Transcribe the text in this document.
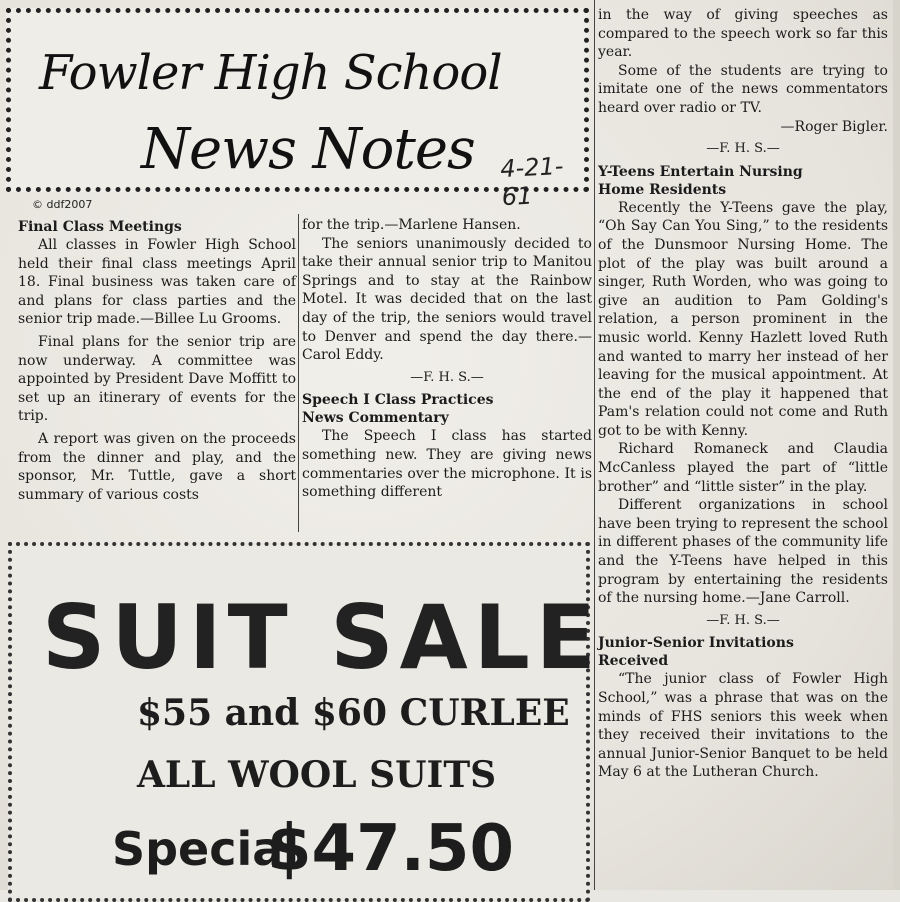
Fowler High School
News Notes 4-21-61
© ddf2007

Final Class Meetings

All classes in Fowler High School held their final class meetings April 18. Final business was taken care of and plans for class parties and the senior trip made.—Billee Lu Grooms.

Final plans for the senior trip are now underway. A committee was appointed by President Dave Moffitt to set up an itinerary of events for the trip.

A report was given on the proceeds from the dinner and play, and the sponsor, Mr. Tuttle, gave a short summary of various costs

for the trip.—Marlene Hansen.

The seniors unanimously decided to take their annual senior trip to Manitou Springs and to stay at the Rainbow Motel. It was decided that on the last day of the trip, the seniors would travel to Denver and spend the day there.—Carol Eddy.

—F. H. S.—

Speech I Class Practices

News Commentary

The Speech I class has started something new. They are giving news commentaries over the microphone. It is something different

in the way of giving speeches as compared to the speech work so far this year.

Some of the students are trying to imitate one of the news commentators heard over radio or TV.

—Roger Bigler.

—F. H. S.—

Y-Teens Entertain Nursing

Home Residents

Recently the Y-Teens gave the play, “Oh Say Can You Sing,” to the residents of the Dunsmoor Nursing Home. The plot of the play was built around a singer, Ruth Worden, who was going to give an audition to Pam Golding's relation, a person prominent in the music world. Kenny Hazlett loved Ruth and wanted to marry her instead of her leaving for the musical appointment. At the end of the play it happened that Pam's relation could not come and Ruth got to be with Kenny.

Richard Romaneck and Claudia McCanless played the part of “little brother” and “little sister” in the play.

Different organizations in school have been trying to represent the school in different phases of the community life and the Y-Teens have helped in this program by entertaining the residents of the nursing home.—Jane Carroll.

—F. H. S.—

Junior-Senior Invitations

Received

“The junior class of Fowler High School,” was a phrase that was on the minds of FHS seniors this week when they received their invitations to the annual Junior-Senior Banquet to be held May 6 at the Lutheran Church.

SUIT SALE
$55 and $60 CURLEE
ALL WOOL SUITS
Special
$47.50
